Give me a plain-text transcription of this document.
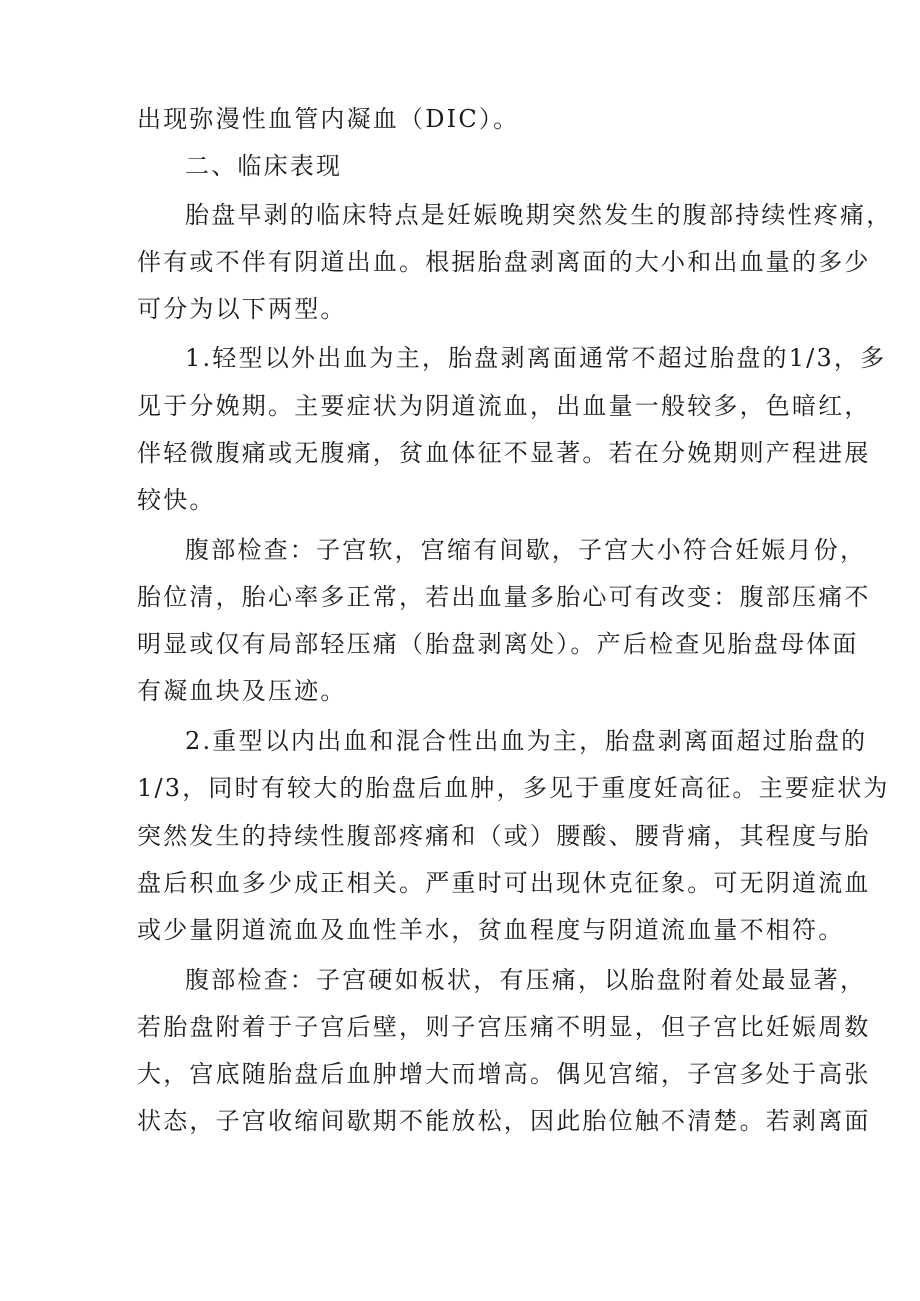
出现弥漫性血管内凝血（DIC）。
二、临床表现
胎盘早剥的临床特点是妊娠晚期突然发生的腹部持续性疼痛，
伴有或不伴有阴道出血。根据胎盘剥离面的大小和出血量的多少
可分为以下两型。
1.轻型以外出血为主，胎盘剥离面通常不超过胎盘的1/3，多
见于分娩期。主要症状为阴道流血，出血量一般较多，色暗红，
伴轻微腹痛或无腹痛，贫血体征不显著。若在分娩期则产程进展
较快。
腹部检查：子宫软，宫缩有间歇，子宫大小符合妊娠月份，
胎位清，胎心率多正常，若出血量多胎心可有改变：腹部压痛不
明显或仅有局部轻压痛（胎盘剥离处）。产后检查见胎盘母体面
有凝血块及压迹。
2.重型以内出血和混合性出血为主，胎盘剥离面超过胎盘的
1/3，同时有较大的胎盘后血肿，多见于重度妊高征。主要症状为
突然发生的持续性腹部疼痛和（或）腰酸、腰背痛，其程度与胎
盘后积血多少成正相关。严重时可出现休克征象。可无阴道流血
或少量阴道流血及血性羊水，贫血程度与阴道流血量不相符。
腹部检查：子宫硬如板状，有压痛，以胎盘附着处最显著，
若胎盘附着于子宫后壁，则子宫压痛不明显，但子宫比妊娠周数
大，宫底随胎盘后血肿增大而增高。偶见宫缩，子宫多处于高张
状态，子宫收缩间歇期不能放松，因此胎位触不清楚。若剥离面
